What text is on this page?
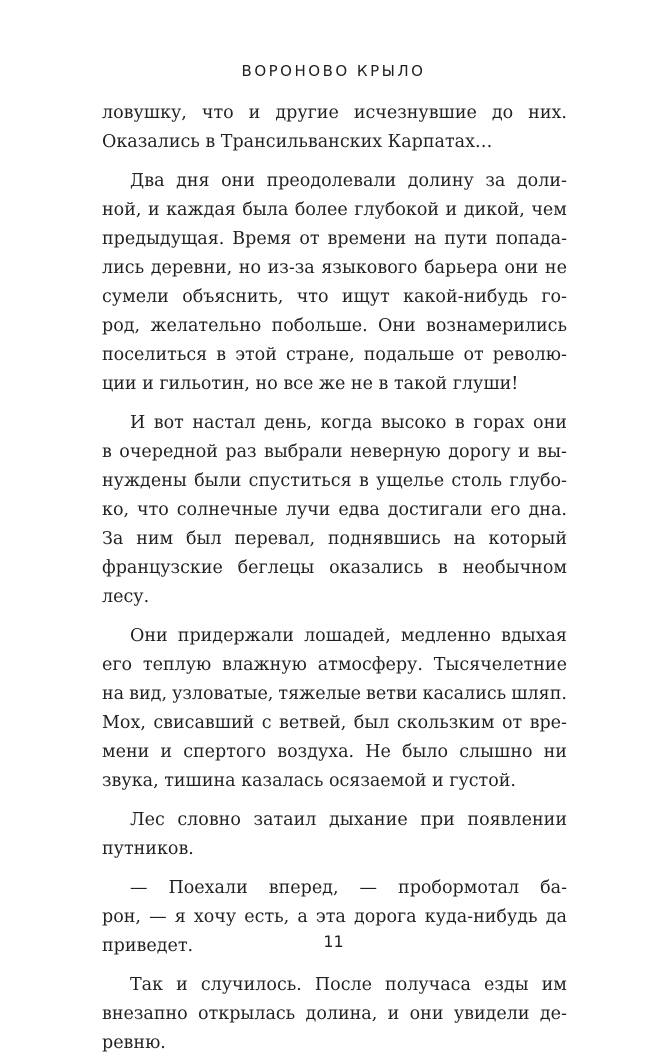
ВОРОНОВО КРЫЛО
ловушку, что и другие исчезнувшие до них.
Оказались в Трансильванских Карпатах…
Два дня они преодолевали долину за доли-
ной, и каждая была более глубокой и дикой, чем
предыдущая. Время от времени на пути попада-
лись деревни, но из-за языкового барьера они не
сумели объяснить, что ищут какой-нибудь го-
род, желательно побольше. Они вознамерились
поселиться в этой стране, подальше от револю-
ции и гильотин, но все же не в такой глуши!
И вот настал день, когда высоко в горах они
в очередной раз выбрали неверную дорогу и вы-
нуждены были спуститься в ущелье столь глубо-
ко, что солнечные лучи едва достигали его дна.
За ним был перевал, поднявшись на который
французские беглецы оказались в необычном
лесу.
Они придержали лошадей, медленно вдыхая
его теплую влажную атмосферу. Тысячелетние
на вид, узловатые, тяжелые ветви касались шляп.
Мох, свисавший с ветвей, был скользким от вре-
мени и спертого воздуха. Не было слышно ни
звука, тишина казалась осязаемой и густой.
Лес словно затаил дыхание при появлении
путников.
— Поехали вперед, — пробормотал ба-
рон, — я хочу есть, а эта дорога куда-нибудь да
приведет.
Так и случилось. После получаса езды им
внезапно открылась долина, и они увидели де-
ревню.
11
